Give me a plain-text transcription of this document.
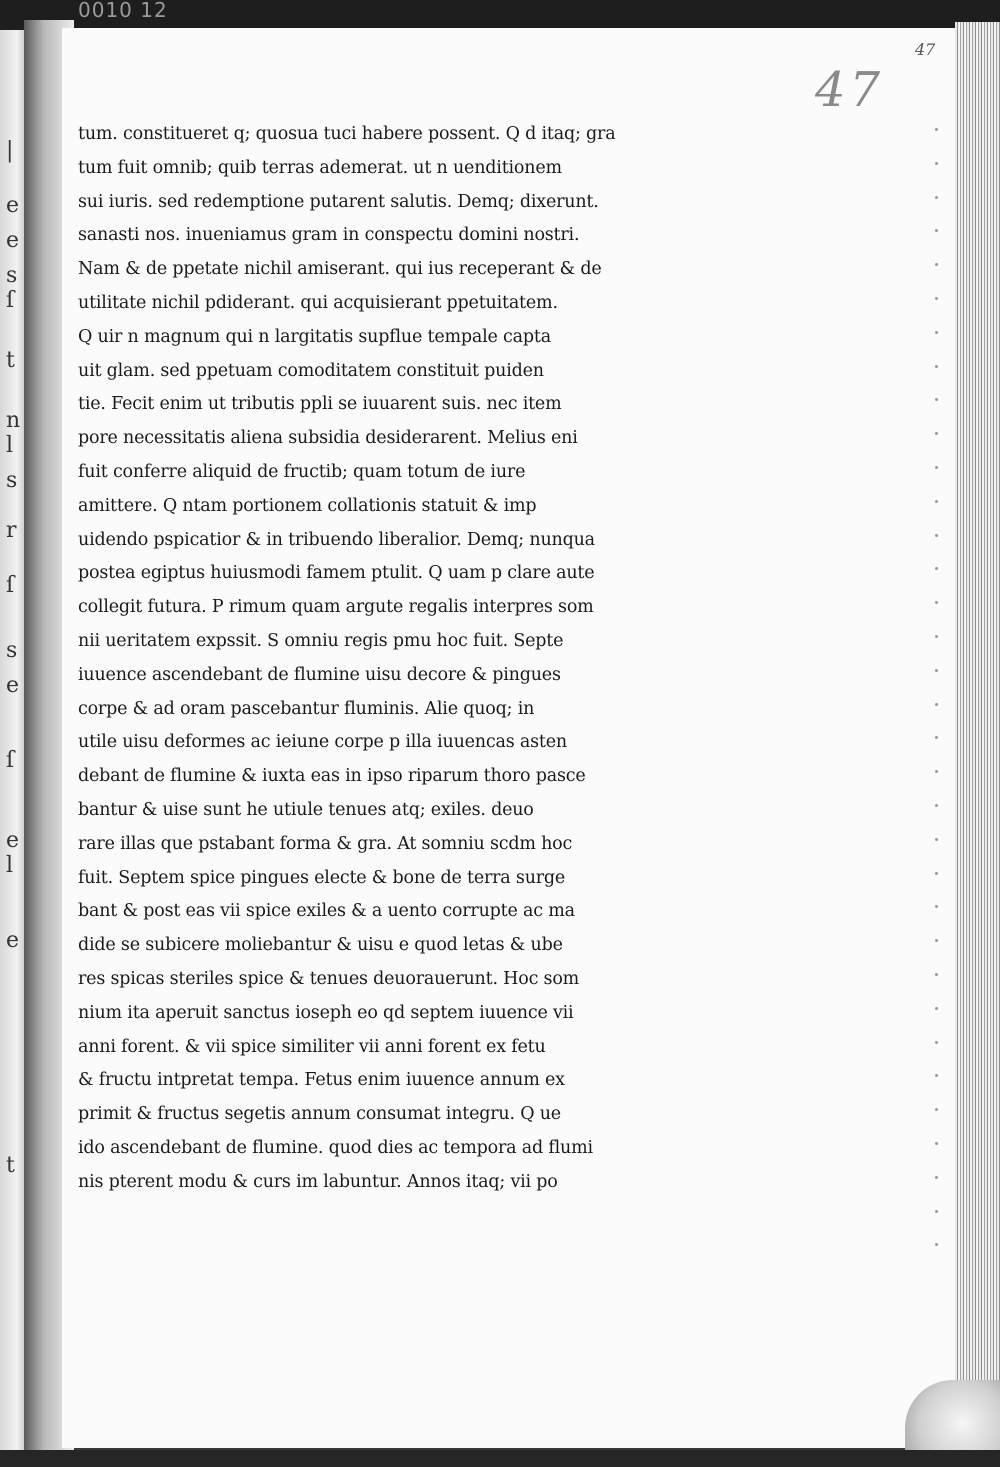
0010 12
|
e
e
s
ſ
t
n
l
s
r
ſ
s
e
ſ
e
l
e
t
47
47
tum. constitueret q; quosua tuci habere possent. Q d itaq; gra
tum fuit omnib; quib terras ademerat. ut n uenditionem
sui iuris. sed redemptione putarent salutis. Demq; dixerunt.
sanasti nos. inueniamus gram in conspectu domini nostri.
Nam & de ppetate nichil amiserant. qui ius receperant & de
utilitate nichil pdiderant. qui acquisierant ppetuitatem.
Q uir n magnum qui n largitatis supflue tempale capta
uit glam. sed ppetuam comoditatem constituit puiden
tie. Fecit enim ut tributis ppli se iuuarent suis. nec item
pore necessitatis aliena subsidia desiderarent. Melius eni
fuit conferre aliquid de fructib; quam totum de iure
amittere. Q ntam portionem collationis statuit & imp
uidendo pspicatior & in tribuendo liberalior. Demq; nunqua
postea egiptus huiusmodi famem ptulit. Q uam p clare aute
collegit futura. P rimum quam argute regalis interpres som
nii ueritatem expssit. S omniu regis pmu hoc fuit. Septe
iuuence ascendebant de flumine uisu decore & pingues
corpe & ad oram pascebantur fluminis. Alie quoq; in
utile uisu deformes ac ieiune corpe p illa iuuencas asten
debant de flumine & iuxta eas in ipso riparum thoro pasce
bantur & uise sunt he utiule tenues atq; exiles. deuo
rare illas que pstabant forma & gra. At somniu scdm hoc
fuit. Septem spice pingues electe & bone de terra surge
bant & post eas vii spice exiles & a uento corrupte ac ma
dide se subicere moliebantur & uisu e quod letas & ube
res spicas steriles spice & tenues deuorauerunt. Hoc som
nium ita aperuit sanctus ioseph eo qd septem iuuence vii
anni forent. & vii spice similiter vii anni forent ex fetu
& fructu intpretat tempa. Fetus enim iuuence annum ex
primit & fructus segetis annum consumat integru. Q ue
ido ascendebant de flumine. quod dies ac tempora ad flumi
nis pterent modu & curs im labuntur. Annos itaq; vii po
